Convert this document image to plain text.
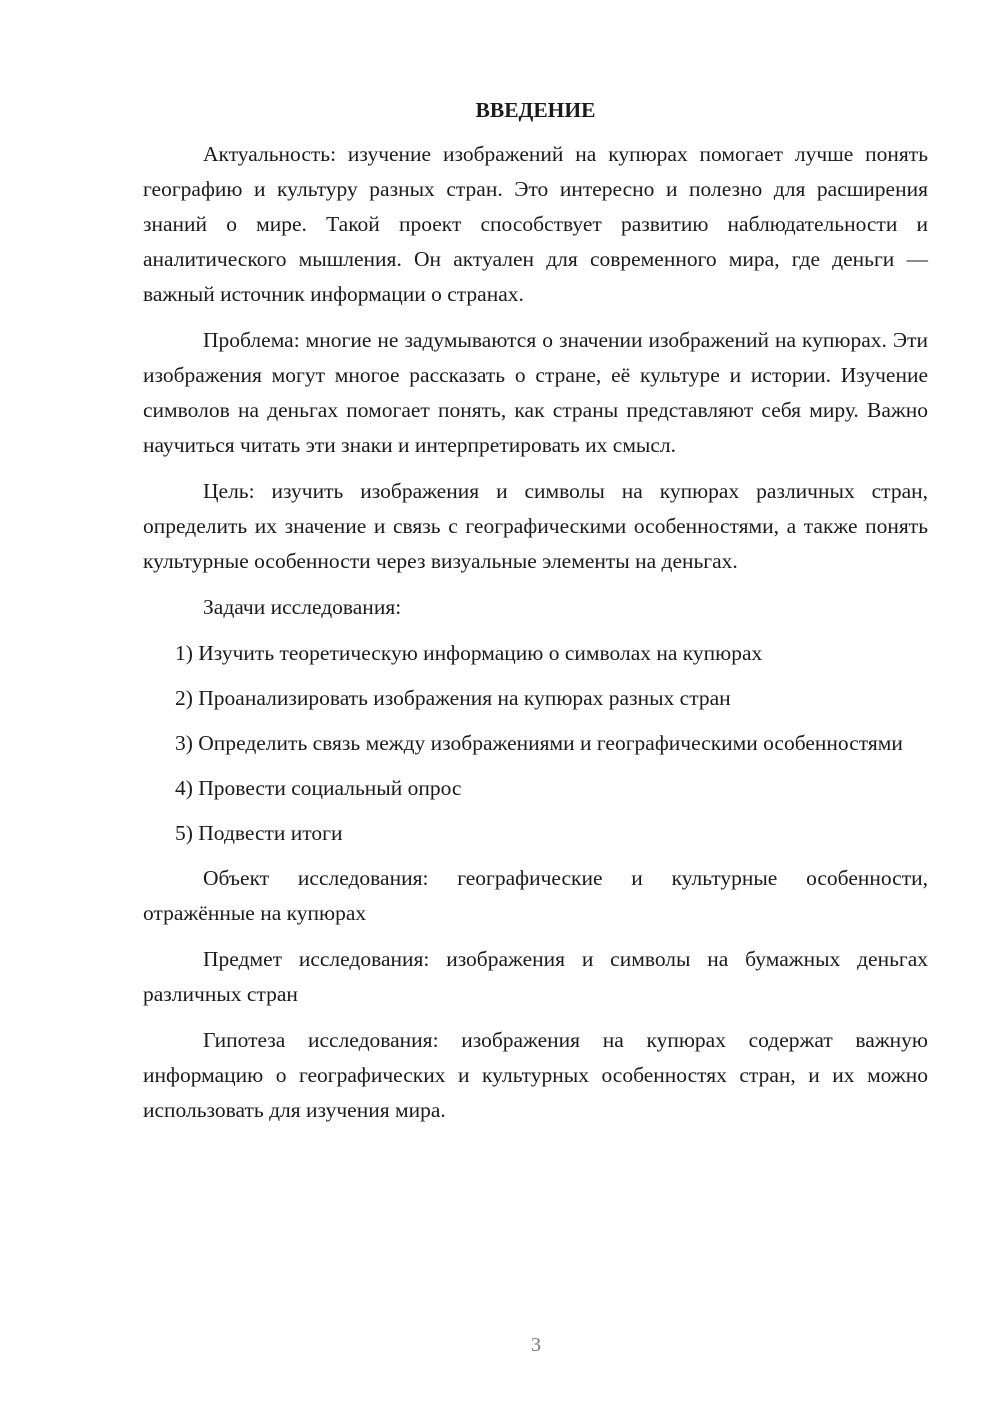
ВВЕДЕНИЕ

Актуальность: изучение изображений на купюрах помогает лучше понять географию и культуру разных стран. Это интересно и полезно для расширения знаний о мире. Такой проект способствует развитию наблюдательности и аналитического мышления. Он актуален для современного мира, где деньги — важный источник информации о странах.

Проблема: многие не задумываются о значении изображений на купюрах. Эти изображения могут многое рассказать о стране, её культуре и истории. Изучение символов на деньгах помогает понять, как страны представляют себя миру. Важно научиться читать эти знаки и интерпретировать их смысл.

Цель: изучить изображения и символы на купюрах различных стран, определить их значение и связь с географическими особенностями, а также понять культурные особенности через визуальные элементы на деньгах.

Задачи исследования:

1) Изучить теоретическую информацию о символах на купюрах

2) Проанализировать изображения на купюрах разных стран

3) Определить связь между изображениями и географическими особенностями

4) Провести социальный опрос

5) Подвести итоги

Объект исследования: географические и культурные особенности, отражённые на купюрах

Предмет исследования: изображения и символы на бумажных деньгах различных стран

Гипотеза исследования: изображения на купюрах содержат важную информацию о географических и культурных особенностях стран, и их можно использовать для изучения мира.

3
